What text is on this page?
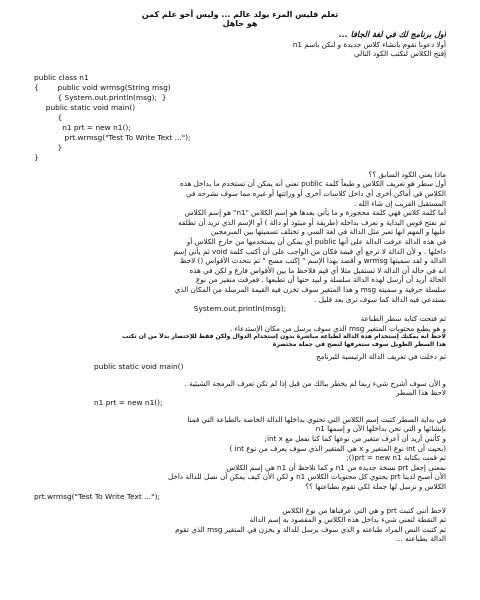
تعلم فليس المرء يولد عالم ... وليس أخو علم كمن هو جاهل
أول برنامج لك في لغة الجافا ...
أولا دعونا نقوم بانشاء كلاس جديدة و لنكن باسم n1
إفتح الكلاس لنكتب الكود التالي
public class n1
{        public void wrmsg(String msg)
{ System.out.println(msg);  }
public static void main()
{
n1 prt = new n1();
prt.wrmsg("Test To Write Text ...");
}
}
ماذا يعني الكود السابق ؟؟
أول سطر هو تعريف الكلاس و طبعاً كلمة public تعني أنه يمكن أن تستخدم ما بداخل هذه
الكلاس في أماكن أخرى أي داخل كلاسات أخرى أو وراثتها أو غيره مما سوف نشرحه في
المستقبل القريب إن شاء الله .
أما كلمة كلاس فهي كلمة محجوزة و ما يأتي بعدها هو إسم الكلاس "n1" هو إسم الكلاس
ثم نفتح قوس البداية و نعرف بداخله (طريقة أو ميثود أو دالة ) أو الإسم الذي تريد أن تطلقه
عليها و المهم انها تعبر مثل الدالة في لغة السي و تختلف تسميتها بين المبرمجين
في هذه الدالة عرفت الدالة على أنها public أي يمكن أن يستخدمها من خارج الكلاس أو
داخلها . و لأن الدالة لا ترجع أي قيمة فكان من الواجب على أن أكتب كلمة void ثم يأتي إسم
الدالة و لقد سميتها wrmsg و أقصد بهذا الإسم " إكتب مسج " ثم نتحدث الأقواس () لاحظ
انه في حالة أن الدالة لا تستقبل مثلا أي قيم فلاحظ ما بين الأقواس فارغ و لكن في هذه
الحالة أريد أن أرسل لهذه الدالة سلسلة و لبيد حتها أن تطبعها . فعرفت متغير من نوع
سلسلة حرفية و سميته msg و هذا المتغير سوف تخزن فيه القيمة المرسلة من المكان الذي
نستدعي فيه الدالة كما سوف نرى بعد قليل .
System.out.println(msg);
ثم فتحت كتابة سطر الطباعة
و هو يطبع محتويات المتغير msg الذي سوف يرسل من مكان الإستدعاء .
لاحظ انه يمكنك إستخدام هذه الدالة لطباعة مباشرة بدون إستخدام الدوال ولكن فقط للإختصار بدلاً من أن تكتب
هذا السطر الطويل سوف ستعرفها لنصح في جملة مختصرة
ثم دخلت في تعريف الدالة الرئيسية للبرنامج
public static void main()
و الأن سوف أشرح شيء ربما لم يخطر ببالك من قبل إذا لم تكن تعرف البرمجة الشيئية .
لاحظ هذا السطر
n1 prt = new n1();
في بداية السطر كتبت إسم الكلاس التي تحتوي بداخلها الدالة الخاصة بالطباعة التي قمنا
بإنشائها و التي نحن بداخلها الآن و إسمها n1
و كأنني أريد أن أعرف متغير من نوعها كما كنا نفعل مع int x;
(بحيث أن int نوع المتغير و x هي المتغير الذي سوف يعرف من نوع int )
ثم قمت بكتابة prt = new n1();
بمعنى إجعل prt نسخة جديدة من n1 و كما تلاحظ أن n1 هي إسم الكلاس
الأن أصبح لدينا prt يحتوي كل محتويات الكلاس n1 و لكن الأن كيف يمكن أن نصل للدالة داخل
الكلاس و نرسل لها جملة لكي تقوم بطباعتها ؟؟
prt.wrmsg("Test To Write Text ...");
لاحظ أنني كتبت prt و هي التي عرفناها من نوع الكلاس
ثم النقطة لتعني شيء بداخل هذه الكلاس و المقصود به إسم الدالة
ثم كتبت النص المراد طباعته و الذي سوف يرسل للدالة و يخزن في المتغير msg الذي تقوم
الدالة بطباعته ...
